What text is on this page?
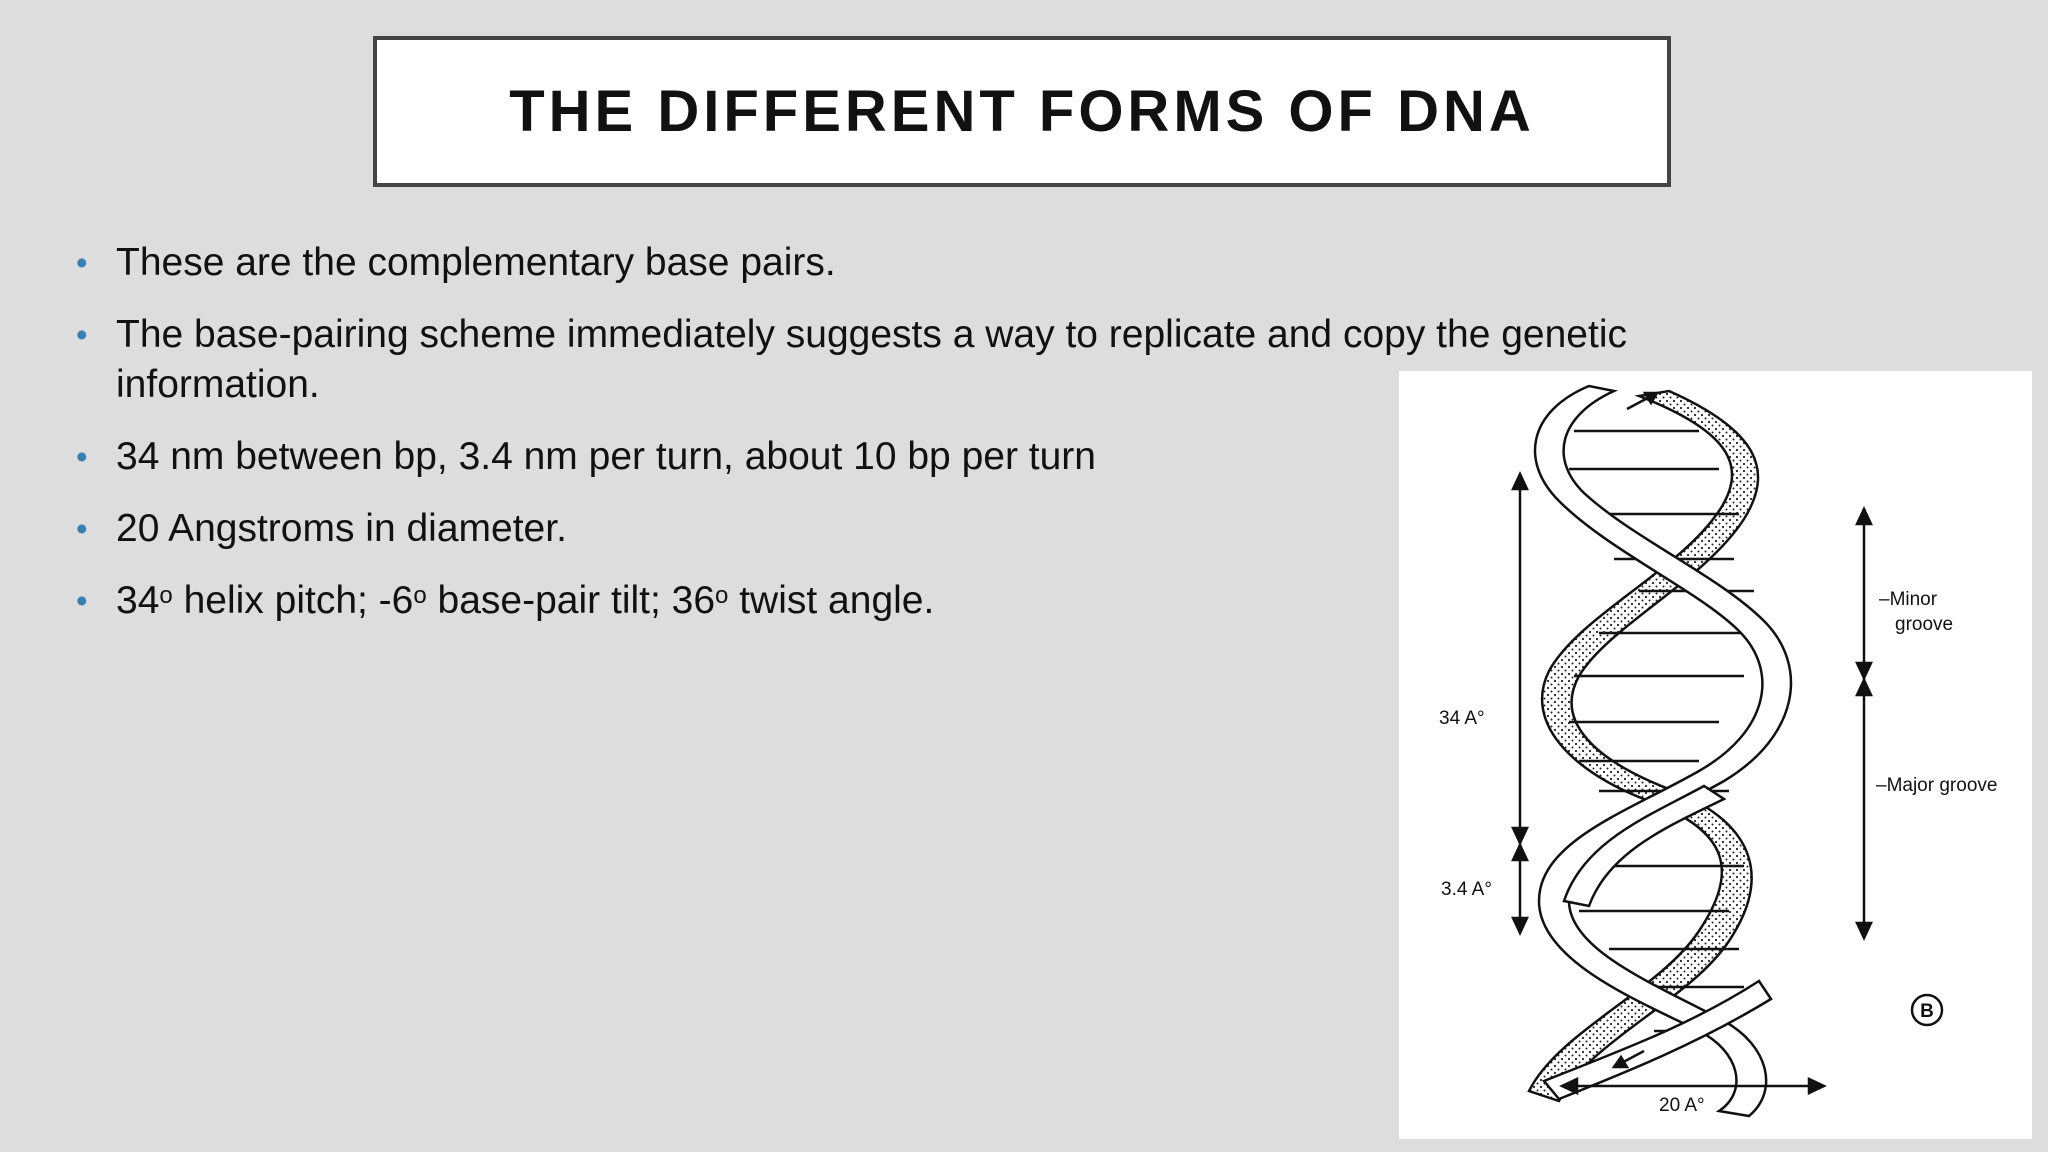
THE DIFFERENT FORMS OF DNA
• These are the complementary base pairs.
• The base-pairing scheme immediately suggests a way to replicate and copy the genetic information.
• 34 nm between bp, 3.4 nm per turn, about 10 bp per turn
• 20 Angstroms in diameter.
• 34$^o$ helix pitch; -6$^o$ base-pair tilt; 36$^o$ twist angle.
34 A°
3.4 A°
20 A°
–Minor
groove
–Major groove
B
